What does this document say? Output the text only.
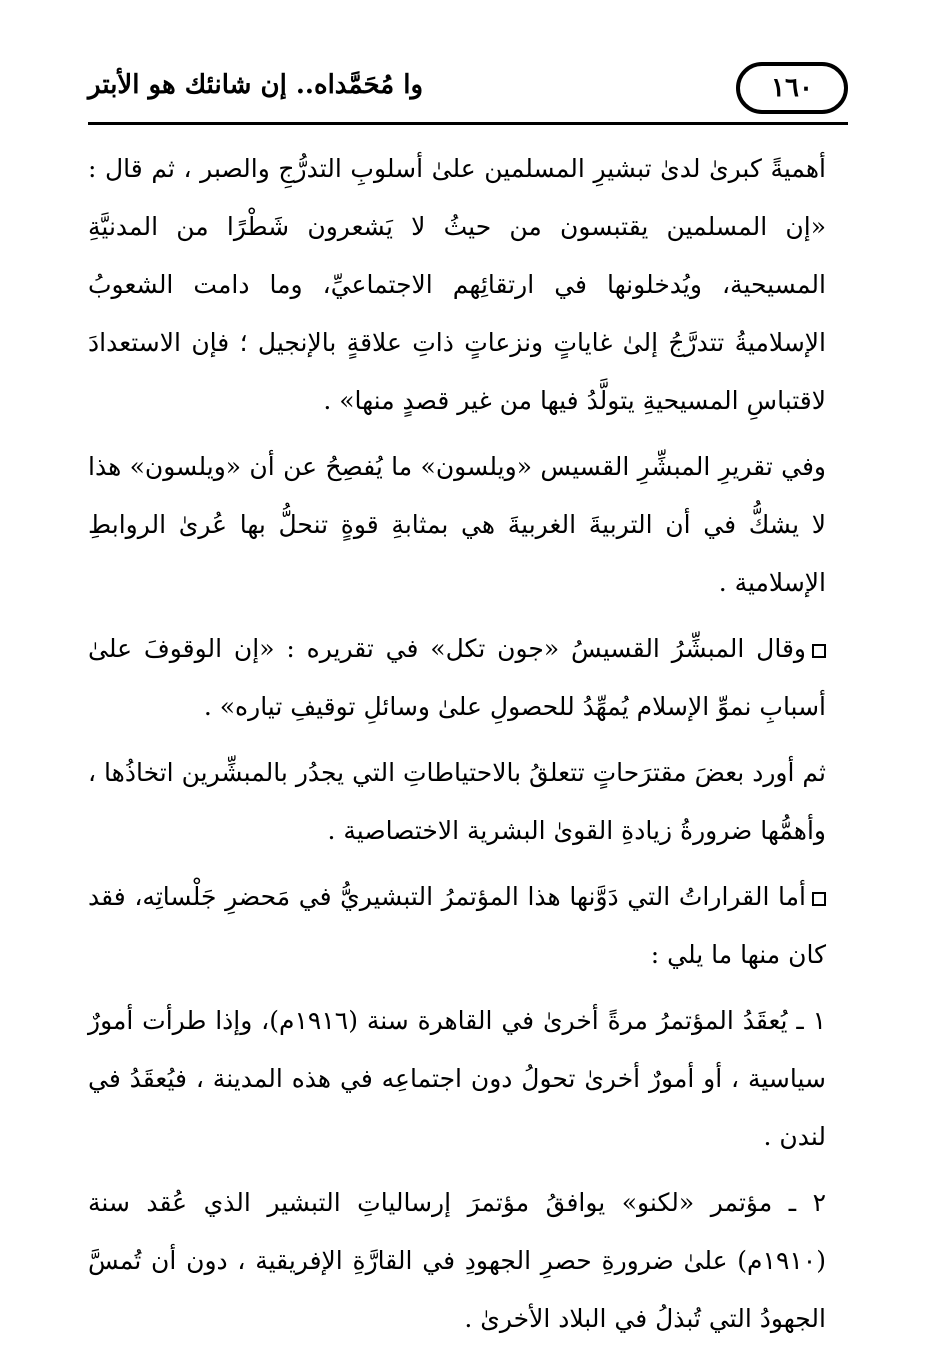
وا مُحَمَّداه.. إن شانئك هو الأبتر	١٦٠

أهميةً كبرىٰ لدىٰ تبشيرِ المسلمين علىٰ أسلوبِ التدرُّجِ والصبر ، ثم قال : «إن المسلمين يقتبسون من حيثُ لا يَشعرون شَطْرًا من المدنيَّةِ المسيحية، ويُدخلونها في ارتقائِهم الاجتماعيِّ، وما دامت الشعوبُ الإسلاميةُ تتدرَّجُ إلىٰ غاياتٍ ونزعاتٍ ذاتِ علاقةٍ بالإنجيل ؛ فإن الاستعدادَ لاقتباسِ المسيحيةِ يتولَّدُ فيها من غير قصدٍ منها» .

وفي تقريرِ المبشِّرِ القسيس «ويلسون» ما يُفصِحُ عن أن «ويلسون» هذا لا يشكُّ في أن التربيةَ الغربيةَ هي بمثابةِ قوةٍ تنحلُّ بها عُرىٰ الروابطِ الإسلامية .

وقال المبشِّرُ القسيسُ «جون تكل» في تقريره : «إن الوقوفَ علىٰ أسبابِ نموِّ الإسلام يُمهِّدُ للحصولِ علىٰ وسائلِ توقيفِ تياره» .

ثم أورد بعضَ مقترَحاتٍ تتعلقُ بالاحتياطاتِ التي يجدُر بالمبشِّرين اتخاذُها ، وأهمُّها ضرورةُ زيادةِ القوىٰ البشرية الاختصاصية .

أما القراراتُ التي دَوَّنها هذا المؤتمرُ التبشيريُّ في مَحضرِ جَلْساتِه، فقد كان منها ما يلي :

١ ـ يُعقَدُ المؤتمرُ مرةً أخرىٰ في القاهرة سنة (١٩١٦م)، وإذا طرأت أمورٌ سياسية ، أو أمورٌ أخرىٰ تحولُ دون اجتماعِه في هذه المدينة ، فيُعقَدُ في لندن .

٢ ـ مؤتمر «لكنو» يوافقُ مؤتمرَ إرسالياتِ التبشير الذي عُقد سنة (١٩١٠م) علىٰ ضرورةِ حصرِ الجهودِ في القارَّةِ الإفريقية ، دون أن تُمسَّ الجهودُ التي تُبذلُ في البلاد الأخرىٰ .
